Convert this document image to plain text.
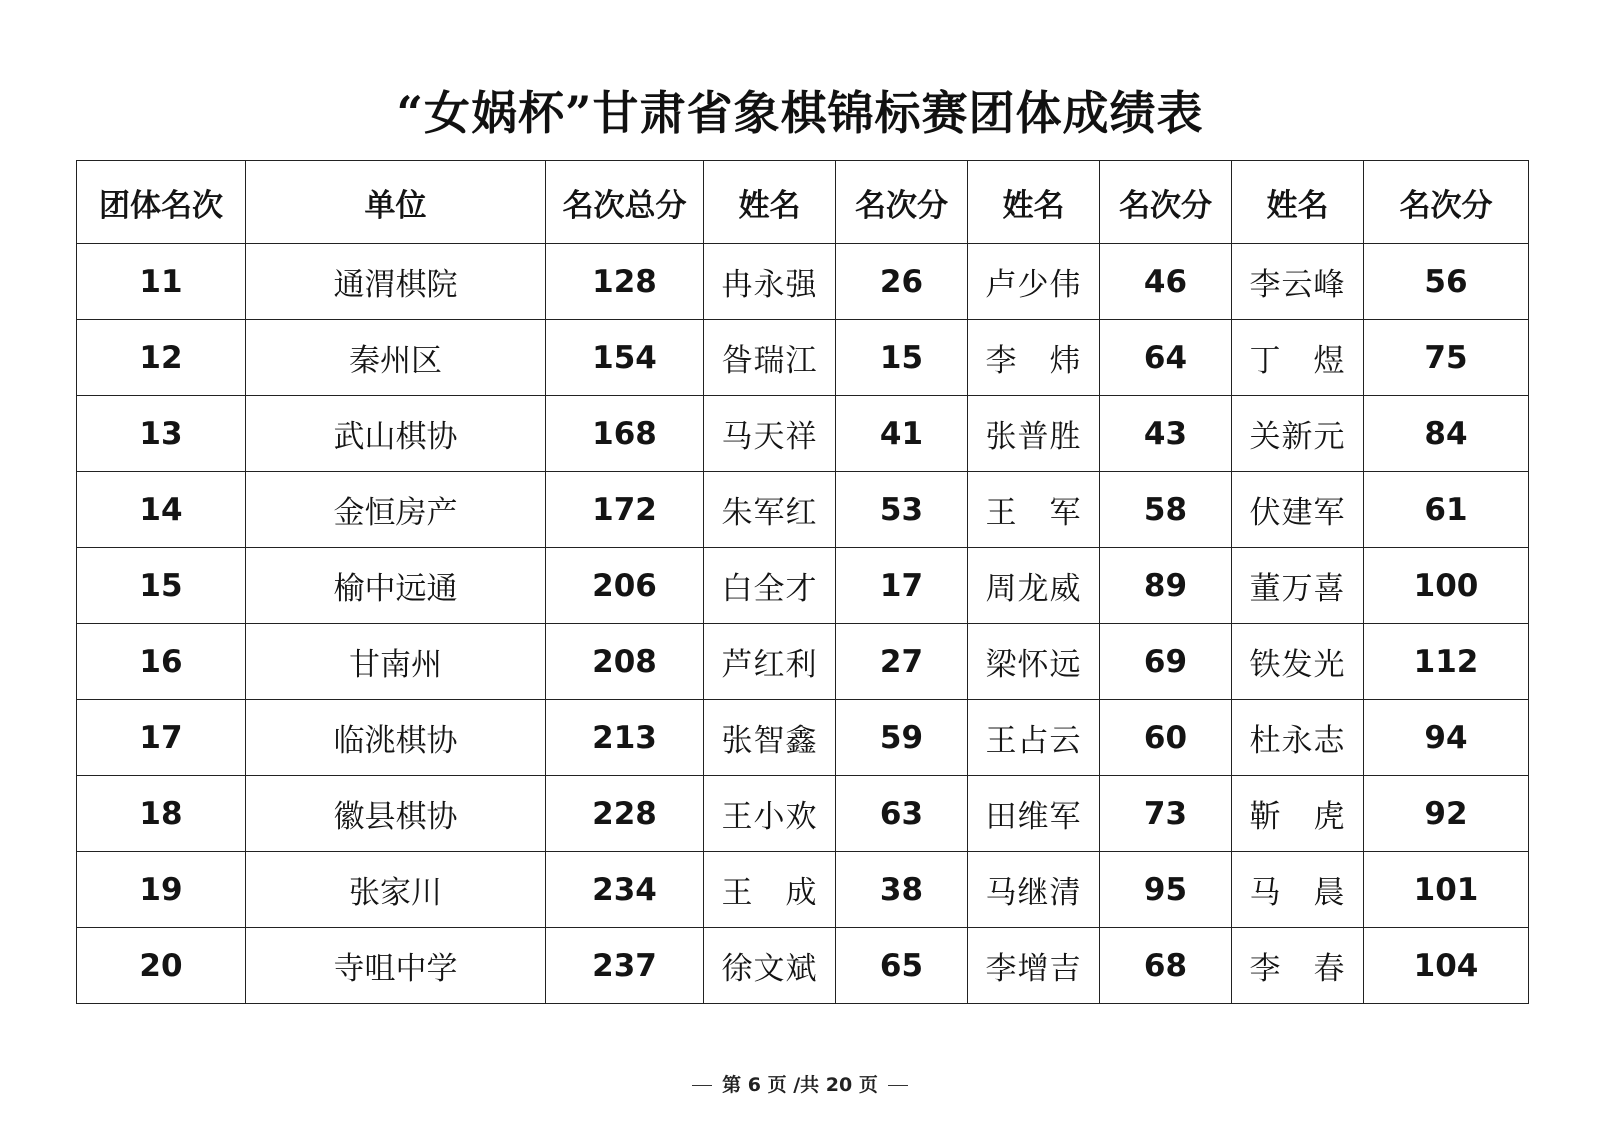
“女娲杯”甘肃省象棋锦标赛团体成绩表
团体名次	单位	名次总分	姓名	名次分	姓名	名次分	姓名	名次分
11	通渭棋院	128	冉永强	26	卢少伟	46	李云峰	56
12	秦州区	154	昝瑞江	15	李　炜	64	丁　煜	75
13	武山棋协	168	马天祥	41	张普胜	43	关新元	84
14	金恒房产	172	朱军红	53	王　军	58	伏建军	61
15	榆中远通	206	白全才	17	周龙威	89	董万喜	100
16	甘南州	208	芦红利	27	梁怀远	69	铁发光	112
17	临洮棋协	213	张智鑫	59	王占云	60	杜永志	94
18	徽县棋协	228	王小欢	63	田维军	73	靳　虎	92
19	张家川	234	王　成	38	马继清	95	马　晨	101
20	寺咀中学	237	徐文斌	65	李增吉	68	李　春	104
第 6 页 /共 20 页
